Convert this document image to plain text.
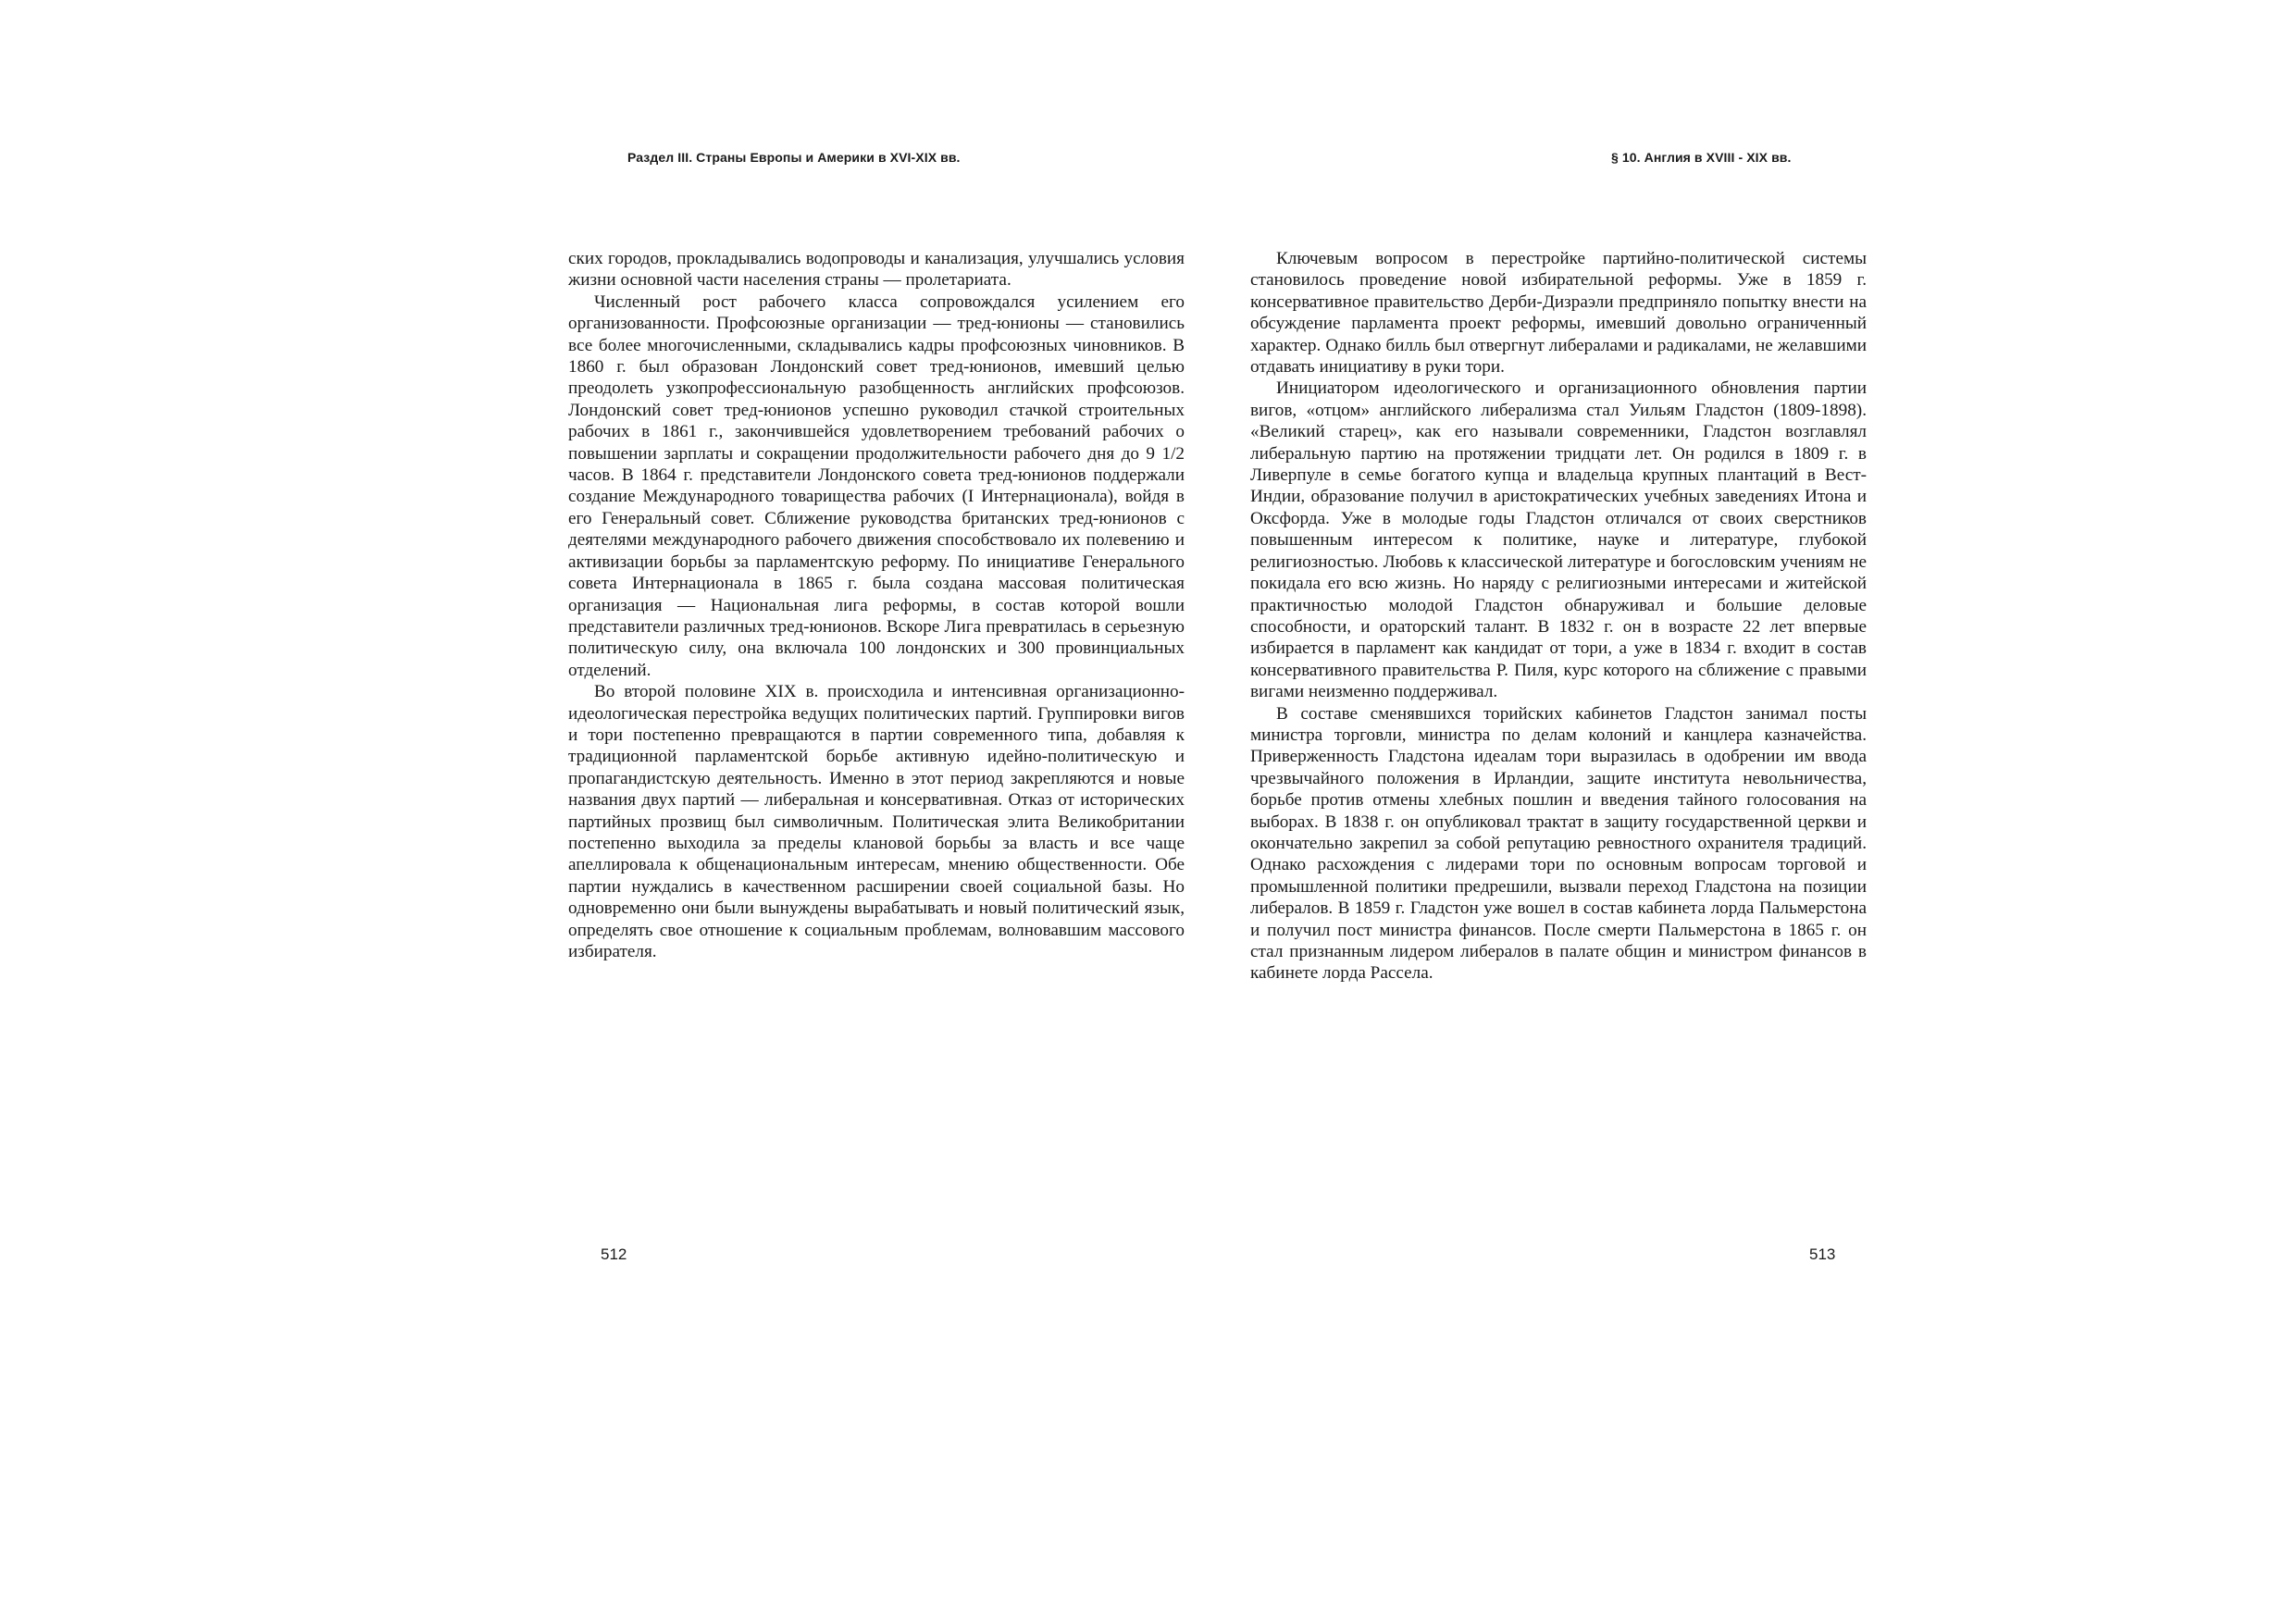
Раздел III. Страны Европы и Америки в XVI-XIX вв.

ских городов, прокладывались водопроводы и канализация, улучшались условия жизни основной части населения страны — пролетариата.

Численный рост рабочего класса сопровождался усилением его организованности. Профсоюзные организации — тред-юнионы — становились все более многочисленными, складывались кадры профсоюзных чиновников. В 1860 г. был образован Лондонский совет тред-юнионов, имевший целью преодолеть узкопрофессиональную разобщенность английских профсоюзов. Лондонский совет тред-юнионов успешно руководил стачкой строительных рабочих в 1861 г., закончившейся удовлетворением требований рабочих о повышении зарплаты и сокращении продолжительности рабочего дня до 9 1/2 часов. В 1864 г. представители Лондонского совета тред-юнионов поддержали создание Международного товарищества рабочих (I Интернационала), войдя в его Генеральный совет. Сближение руководства британских тред-юнионов с деятелями международного рабочего движения способствовало их полевению и активизации борьбы за парламентскую реформу. По инициативе Генерального совета Интернационала в 1865 г. была создана массовая политическая организация — Национальная лига реформы, в состав которой вошли представители различных тред-юнионов. Вскоре Лига превратилась в серьезную политическую силу, она включала 100 лондонских и 300 провинциальных отделений.

Во второй половине XIX в. происходила и интенсивная организационно-идеологическая перестройка ведущих политических партий. Группировки вигов и тори постепенно превращаются в партии современного типа, добавляя к традиционной парламентской борьбе активную идейно-политическую и пропагандистскую деятельность. Именно в этот период закрепляются и новые названия двух партий — либеральная и консервативная. Отказ от исторических партийных прозвищ был символичным. Политическая элита Великобритании постепенно выходила за пределы клановой борьбы за власть и все чаще апеллировала к общенациональным интересам, мнению общественности. Обе партии нуждались в качественном расширении своей социальной базы. Но одновременно они были вынуждены вырабатывать и новый политический язык, определять свое отношение к социальным проблемам, волновавшим массового избирателя.

512
§ 10. Англия в XVIII - XIX вв.

Ключевым вопросом в перестройке партийно-политической системы становилось проведение новой избирательной реформы. Уже в 1859 г. консервативное правительство Дерби-Дизраэли предприняло попытку внести на обсуждение парламента проект реформы, имевший довольно ограниченный характер. Однако билль был отвергнут либералами и радикалами, не желавшими отдавать инициативу в руки тори.

Инициатором идеологического и организационного обновления партии вигов, «отцом» английского либерализма стал Уильям Гладстон (1809-1898). «Великий старец», как его называли современники, Гладстон возглавлял либеральную партию на протяжении тридцати лет. Он родился в 1809 г. в Ливерпуле в семье богатого купца и владельца крупных плантаций в Вест-Индии, образование получил в аристократических учебных заведениях Итона и Оксфорда. Уже в молодые годы Гладстон отличался от своих сверстников повышенным интересом к политике, науке и литературе, глубокой религиозностью. Любовь к классической литературе и богословским учениям не покидала его всю жизнь. Но наряду с религиозными интересами и житейской практичностью молодой Гладстон обнаруживал и большие деловые способности, и ораторский талант. В 1832 г. он в возрасте 22 лет впервые избирается в парламент как кандидат от тори, а уже в 1834 г. входит в состав консервативного правительства Р. Пиля, курс которого на сближение с правыми вигами неизменно поддерживал.

В составе сменявшихся торийских кабинетов Гладстон занимал посты министра торговли, министра по делам колоний и канцлера казначейства. Приверженность Гладстона идеалам тори выразилась в одобрении им ввода чрезвычайного положения в Ирландии, защите института невольничества, борьбе против отмены хлебных пошлин и введения тайного голосования на выборах. В 1838 г. он опубликовал трактат в защиту государственной церкви и окончательно закрепил за собой репутацию ревностного охранителя традиций. Однако расхождения с лидерами тори по основным вопросам торговой и промышленной политики предрешили, вызвали переход Гладстона на позиции либералов. В 1859 г. Гладстон уже вошел в состав кабинета лорда Пальмерстона и получил пост министра финансов. После смерти Пальмерстона в 1865 г. он стал признанным лидером либералов в палате общин и министром финансов в кабинете лорда Рассела.

513
